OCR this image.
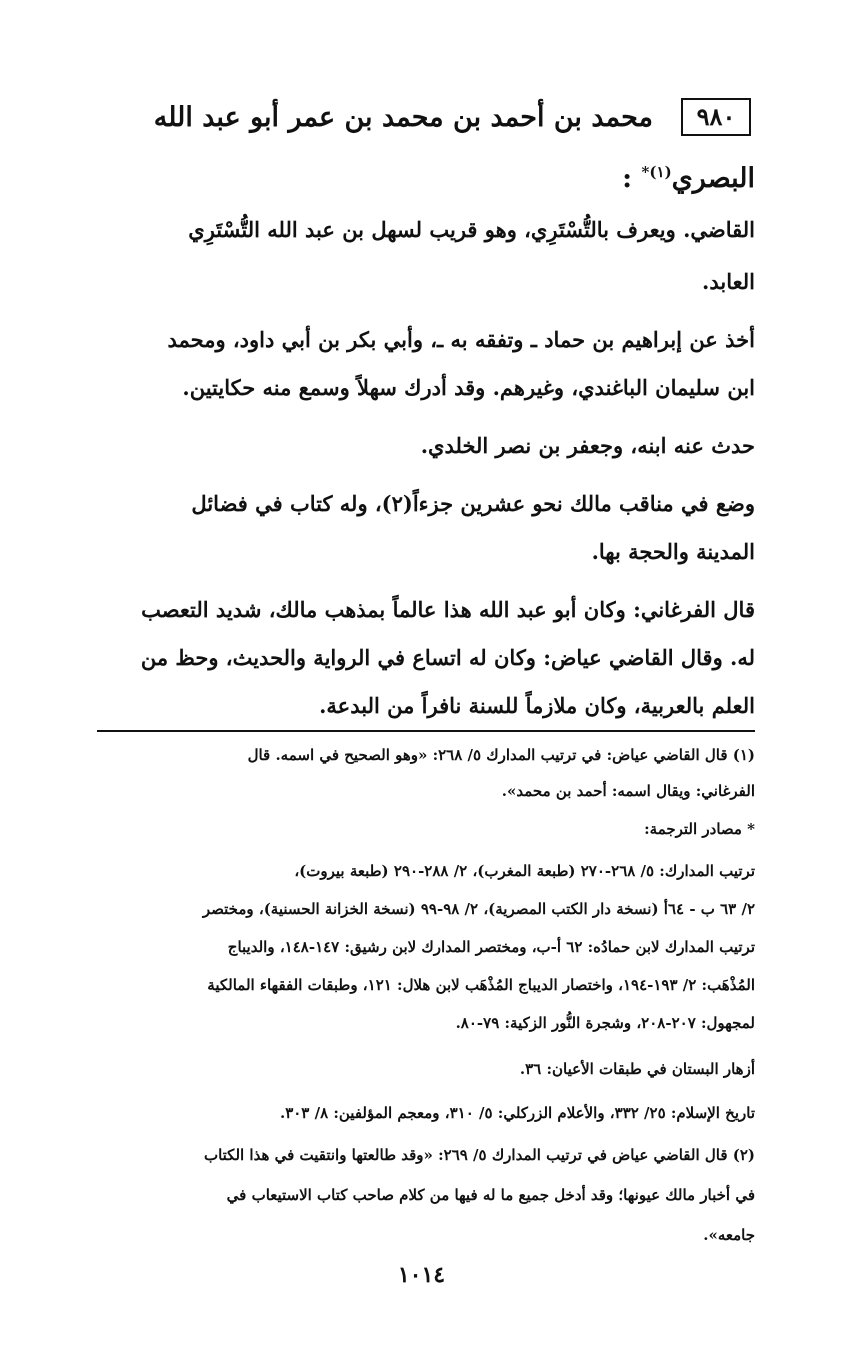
٩٨٠
محمد بن أحمد بن محمد بن عمر أبو عبد الله
البصري$^{(١)*}$ :
القاضي. ويعرف بالتُّسْتَرِي، وهو قريب لسهل بن عبد الله التُّسْتَرِي
العابد.
أخذ عن إبراهيم بن حماد ـ وتفقه به ـ، وأبي بكر بن أبي داود، ومحمد
ابن سليمان الباغندي، وغيرهم. وقد أدرك سهلاً وسمع منه حكايتين.
حدث عنه ابنه، وجعفر بن نصر الخلدي.
وضع في مناقب مالك نحو عشرين جزءاً(٢)، وله كتاب في فضائل
المدينة والحجة بها.
قال الفرغاني: وكان أبو عبد الله هذا عالماً بمذهب مالك، شديد التعصب
له. وقال القاضي عياض: وكان له اتساع في الرواية والحديث، وحظ من
العلم بالعربية، وكان ملازماً للسنة نافراً من البدعة.
(١) قال القاضي عياض: في ترتيب المدارك ٥/ ٢٦٨: «وهو الصحيح في اسمه. قال
الفرغاني: ويقال اسمه: أحمد بن محمد».
* مصادر الترجمة:
ترتيب المدارك: ٥/ ٢٦٨-٢٧٠ (طبعة المغرب)، ٢/ ٢٨٨-٢٩٠ (طبعة بيروت)،
٢/ ٦٣ ب - ٦٤أ (نسخة دار الكتب المصرية)، ٢/ ٩٨-٩٩ (نسخة الخزانة الحسنية)، ومختصر
ترتيب المدارك لابن حمادُه: ٦٢ أ-ب، ومختصر المدارك لابن رشيق: ١٤٧-١٤٨، والديباج
المُذْهَب: ٢/ ١٩٣-١٩٤، واختصار الديباج المُذْهَب لابن هلال: ١٢١، وطبقات الفقهاء المالكية
لمجهول: ٢٠٧-٢٠٨، وشجرة النُّور الزكية: ٧٩-٨٠.
أزهار البستان في طبقات الأعيان: ٣٦.
تاريخ الإسلام: ٢٥/ ٣٣٢، والأعلام الزركلي: ٥/ ٣١٠، ومعجم المؤلفين: ٨/ ٣٠٣.
(٢) قال القاضي عياض في ترتيب المدارك ٥/ ٢٦٩: «وقد طالعتها وانتقيت في هذا الكتاب
في أخبار مالك عيونها؛ وقد أدخل جميع ما له فيها من كلام صاحب كتاب الاستيعاب في
جامعه».
١٠١٤
